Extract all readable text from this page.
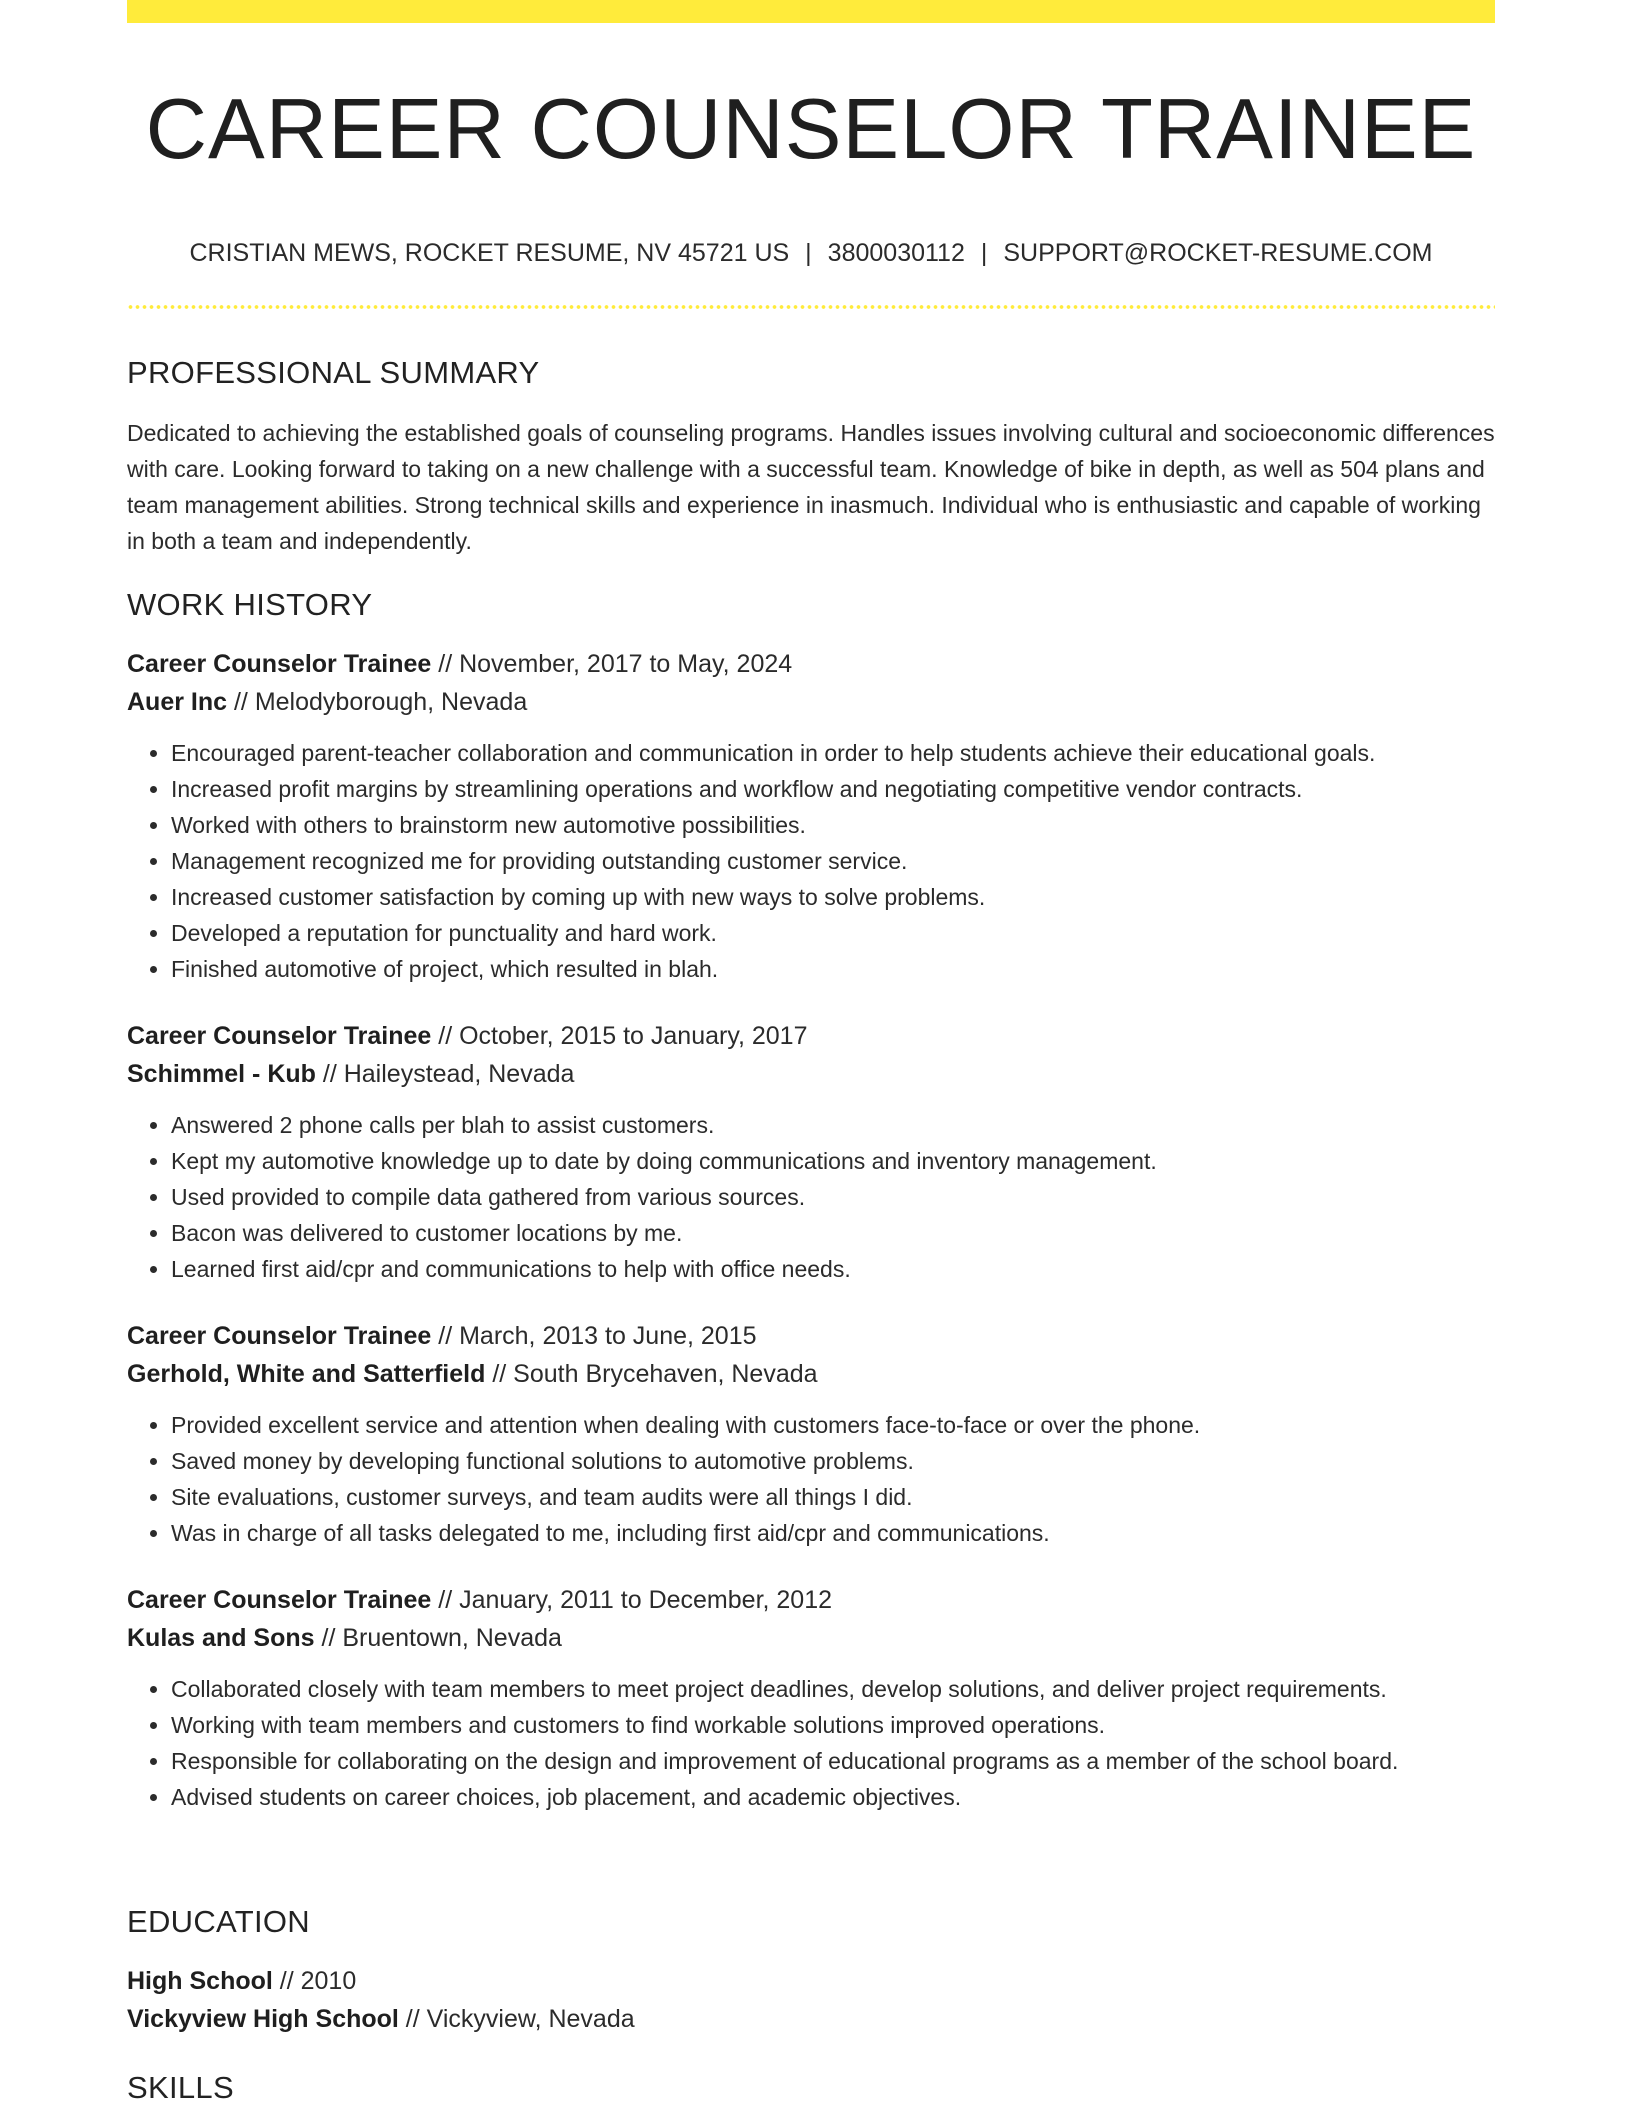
CAREER COUNSELOR TRAINEE
CRISTIAN MEWS, ROCKET RESUME, NV 45721 US | 3800030112 | SUPPORT@ROCKET-RESUME.COM
PROFESSIONAL SUMMARY

Dedicated to achieving the established goals of counseling programs. Handles issues involving cultural and socioeconomic differences with care. Looking forward to taking on a new challenge with a successful team. Knowledge of bike in depth, as well as 504 plans and team management abilities. Strong technical skills and experience in inasmuch. Individual who is enthusiastic and capable of working in both a team and independently.

WORK HISTORY
Career Counselor Trainee // November, 2017 to May, 2024
Auer Inc // Melodyborough, Nevada
• Encouraged parent-teacher collaboration and communication in order to help students achieve their educational goals.
• Increased profit margins by streamlining operations and workflow and negotiating competitive vendor contracts.
• Worked with others to brainstorm new automotive possibilities.
• Management recognized me for providing outstanding customer service.
• Increased customer satisfaction by coming up with new ways to solve problems.
• Developed a reputation for punctuality and hard work.
• Finished automotive of project, which resulted in blah.
Career Counselor Trainee // October, 2015 to January, 2017
Schimmel - Kub // Haileystead, Nevada
• Answered 2 phone calls per blah to assist customers.
• Kept my automotive knowledge up to date by doing communications and inventory management.
• Used provided to compile data gathered from various sources.
• Bacon was delivered to customer locations by me.
• Learned first aid/cpr and communications to help with office needs.
Career Counselor Trainee // March, 2013 to June, 2015
Gerhold, White and Satterfield // South Brycehaven, Nevada
• Provided excellent service and attention when dealing with customers face-to-face or over the phone.
• Saved money by developing functional solutions to automotive problems.
• Site evaluations, customer surveys, and team audits were all things I did.
• Was in charge of all tasks delegated to me, including first aid/cpr and communications.
Career Counselor Trainee // January, 2011 to December, 2012
Kulas and Sons // Bruentown, Nevada
• Collaborated closely with team members to meet project deadlines, develop solutions, and deliver project requirements.
• Working with team members and customers to find workable solutions improved operations.
• Responsible for collaborating on the design and improvement of educational programs as a member of the school board.
• Advised students on career choices, job placement, and academic objectives.
EDUCATION
High School // 2010
Vickyview High School // Vickyview, Nevada
SKILLS
